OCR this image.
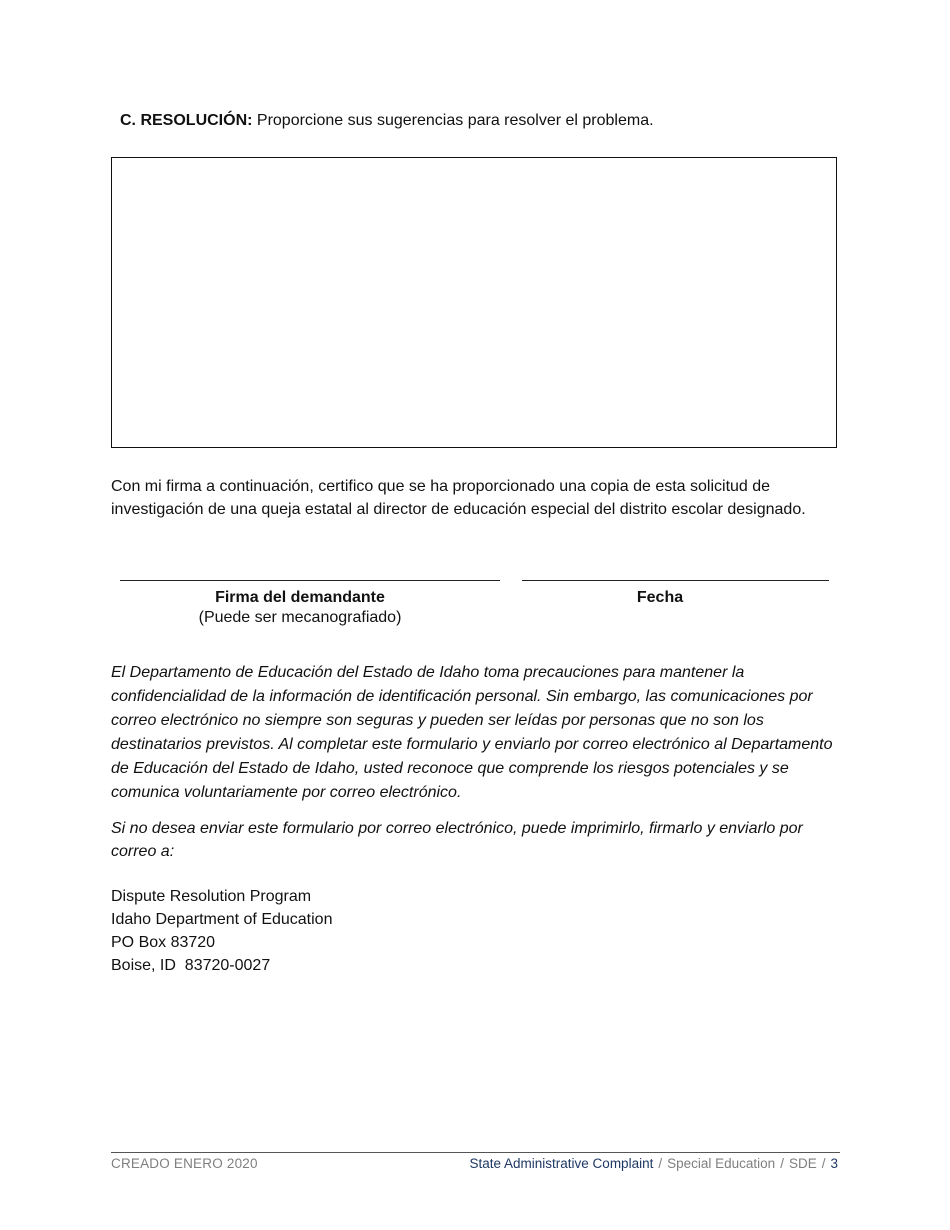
C. RESOLUCIÓN: Proporcione sus sugerencias para resolver el problema.
Con mi firma a continuación, certifico que se ha proporcionado una copia de esta solicitud de investigación de una queja estatal al director de educación especial del distrito escolar designado.
Firma del demandante	Fecha
(Puede ser mecanografiado)
El Departamento de Educación del Estado de Idaho toma precauciones para mantener la confidencialidad de la información de identificación personal. Sin embargo, las comunicaciones por correo electrónico no siempre son seguras y pueden ser leídas por personas que no son los destinatarios previstos. Al completar este formulario y enviarlo por correo electrónico al Departamento de Educación del Estado de Idaho, usted reconoce que comprende los riesgos potenciales y se comunica voluntariamente por correo electrónico.
Si no desea enviar este formulario por correo electrónico, puede imprimirlo, firmarlo y enviarlo por correo a:
Dispute Resolution Program
Idaho Department of Education
PO Box 83720
Boise, ID  83720-0027
CREADO ENERO 2020	State Administrative Complaint / Special Education / SDE / 3
